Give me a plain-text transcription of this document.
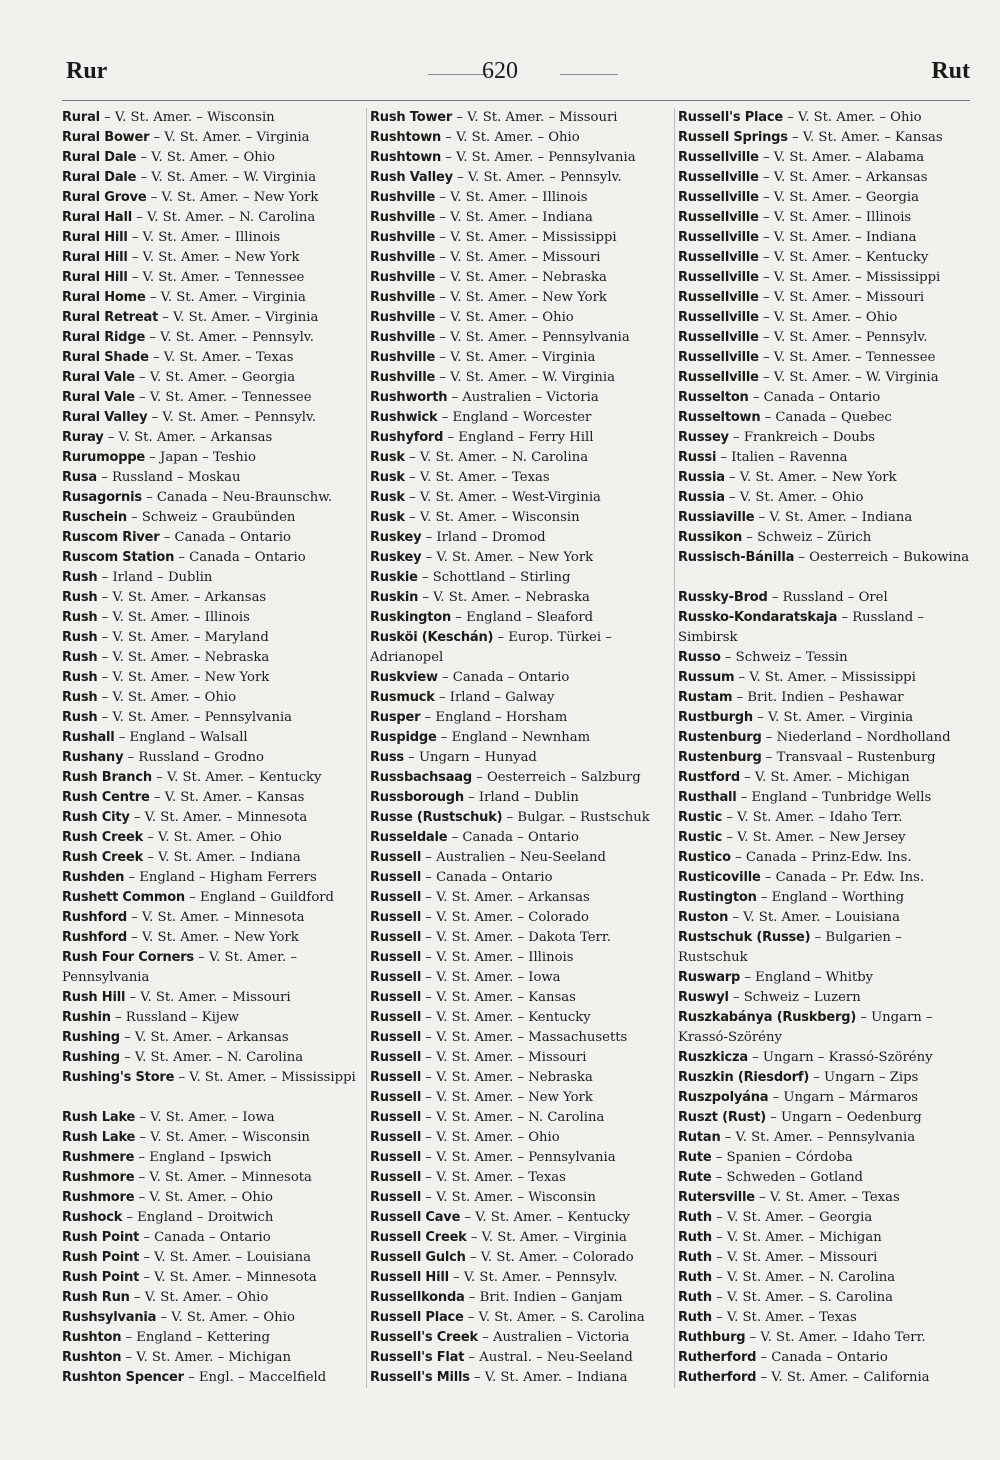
Rur	620	Rut
Rural – V. St. Amer. – Wisconsin
Rural Bower – V. St. Amer. – Virginia
Rural Dale – V. St. Amer. – Ohio
Rural Dale – V. St. Amer. – W. Virginia
Rural Grove – V. St. Amer. – New York
Rural Hall – V. St. Amer. – N. Carolina
Rural Hill – V. St. Amer. – Illinois
Rural Hill – V. St. Amer. – New York
Rural Hill – V. St. Amer. – Tennessee
Rural Home – V. St. Amer. – Virginia
Rural Retreat – V. St. Amer. – Virginia
Rural Ridge – V. St. Amer. – Pennsylv.
Rural Shade – V. St. Amer. – Texas
Rural Vale – V. St. Amer. – Georgia
Rural Vale – V. St. Amer. – Tennessee
Rural Valley – V. St. Amer. – Pennsylv.
Ruray – V. St. Amer. – Arkansas
Rurumoppe – Japan – Teshio
Rusa – Russland – Moskau
Rusagornis – Canada – Neu-Braunschw.
Ruschein – Schweiz – Graubünden
Ruscom River – Canada – Ontario
Ruscom Station – Canada – Ontario
Rush – Irland – Dublin
Rush – V. St. Amer. – Arkansas
Rush – V. St. Amer. – Illinois
Rush – V. St. Amer. – Maryland
Rush – V. St. Amer. – Nebraska
Rush – V. St. Amer. – New York
Rush – V. St. Amer. – Ohio
Rush – V. St. Amer. – Pennsylvania
Rushall – England – Walsall
Rushany – Russland – Grodno
Rush Branch – V. St. Amer. – Kentucky
Rush Centre – V. St. Amer. – Kansas
Rush City – V. St. Amer. – Minnesota
Rush Creek – V. St. Amer. – Ohio
Rush Creek – V. St. Amer. – Indiana
Rushden – England – Higham Ferrers
Rushett Common – England – Guildford
Rushford – V. St. Amer. – Minnesota
Rushford – V. St. Amer. – New York
Rush Four Corners – V. St. Amer. – Pennsylvania
Rush Hill – V. St. Amer. – Missouri
Rushin – Russland – Kijew
Rushing – V. St. Amer. – Arkansas
Rushing – V. St. Amer. – N. Carolina
Rushing's Store – V. St. Amer. – Mississippi
Rush Lake – V. St. Amer. – Iowa
Rush Lake – V. St. Amer. – Wisconsin
Rushmere – England – Ipswich
Rushmore – V. St. Amer. – Minnesota
Rushmore – V. St. Amer. – Ohio
Rushock – England – Droitwich
Rush Point – Canada – Ontario
Rush Point – V. St. Amer. – Louisiana
Rush Point – V. St. Amer. – Minnesota
Rush Run – V. St. Amer. – Ohio
Rushsylvania – V. St. Amer. – Ohio
Rushton – England – Kettering
Rushton – V. St. Amer. – Michigan
Rushton Spencer – Engl. – Maccelfield
Rush Tower – V. St. Amer. – Missouri
Rushtown – V. St. Amer. – Ohio
Rushtown – V. St. Amer. – Pennsylvania
Rush Valley – V. St. Amer. – Pennsylv.
Rushville – V. St. Amer. – Illinois
Rushville – V. St. Amer. – Indiana
Rushville – V. St. Amer. – Mississippi
Rushville – V. St. Amer. – Missouri
Rushville – V. St. Amer. – Nebraska
Rushville – V. St. Amer. – New York
Rushville – V. St. Amer. – Ohio
Rushville – V. St. Amer. – Pennsylvania
Rushville – V. St. Amer. – Virginia
Rushville – V. St. Amer. – W. Virginia
Rushworth – Australien – Victoria
Rushwick – England – Worcester
Rushyford – England – Ferry Hill
Rusk – V. St. Amer. – N. Carolina
Rusk – V. St. Amer. – Texas
Rusk – V. St. Amer. – West-Virginia
Rusk – V. St. Amer. – Wisconsin
Ruskey – Irland – Dromod
Ruskey – V. St. Amer. – New York
Ruskie – Schottland – Stirling
Ruskin – V. St. Amer. – Nebraska
Ruskington – England – Sleaford
Rusköi (Keschán) – Europ. Türkei – Adrianopel
Ruskview – Canada – Ontario
Rusmuck – Irland – Galway
Rusper – England – Horsham
Ruspidge – England – Newnham
Russ – Ungarn – Hunyad
Russbachsaag – Oesterreich – Salzburg
Russborough – Irland – Dublin
Russe (Rustschuk) – Bulgar. – Rustschuk
Russeldale – Canada – Ontario
Russell – Australien – Neu-Seeland
Russell – Canada – Ontario
Russell – V. St. Amer. – Arkansas
Russell – V. St. Amer. – Colorado
Russell – V. St. Amer. – Dakota Terr.
Russell – V. St. Amer. – Illinois
Russell – V. St. Amer. – Iowa
Russell – V. St. Amer. – Kansas
Russell – V. St. Amer. – Kentucky
Russell – V. St. Amer. – Massachusetts
Russell – V. St. Amer. – Missouri
Russell – V. St. Amer. – Nebraska
Russell – V. St. Amer. – New York
Russell – V. St. Amer. – N. Carolina
Russell – V. St. Amer. – Ohio
Russell – V. St. Amer. – Pennsylvania
Russell – V. St. Amer. – Texas
Russell – V. St. Amer. – Wisconsin
Russell Cave – V. St. Amer. – Kentucky
Russell Creek – V. St. Amer. – Virginia
Russell Gulch – V. St. Amer. – Colorado
Russell Hill – V. St. Amer. – Pennsylv.
Russellkonda – Brit. Indien – Ganjam
Russell Place – V. St. Amer. – S. Carolina
Russell's Creek – Australien – Victoria
Russell's Flat – Austral. – Neu-Seeland
Russell's Mills – V. St. Amer. – Indiana
Russell's Place – V. St. Amer. – Ohio
Russell Springs – V. St. Amer. – Kansas
Russellville – V. St. Amer. – Alabama
Russellville – V. St. Amer. – Arkansas
Russellville – V. St. Amer. – Georgia
Russellville – V. St. Amer. – Illinois
Russellville – V. St. Amer. – Indiana
Russellville – V. St. Amer. – Kentucky
Russellville – V. St. Amer. – Mississippi
Russellville – V. St. Amer. – Missouri
Russellville – V. St. Amer. – Ohio
Russellville – V. St. Amer. – Pennsylv.
Russellville – V. St. Amer. – Tennessee
Russellville – V. St. Amer. – W. Virginia
Russelton – Canada – Ontario
Russeltown – Canada – Quebec
Russey – Frankreich – Doubs
Russi – Italien – Ravenna
Russia – V. St. Amer. – New York
Russia – V. St. Amer. – Ohio
Russiaville – V. St. Amer. – Indiana
Russikon – Schweiz – Zürich
Russisch-Bánilla – Oesterreich – Bukowina
Russky-Brod – Russland – Orel
Russko-Kondaratskaja – Russland – Simbirsk
Russo – Schweiz – Tessin
Russum – V. St. Amer. – Mississippi
Rustam – Brit. Indien – Peshawar
Rustburgh – V. St. Amer. – Virginia
Rustenburg – Niederland – Nordholland
Rustenburg – Transvaal – Rustenburg
Rustford – V. St. Amer. – Michigan
Rusthall – England – Tunbridge Wells
Rustic – V. St. Amer. – Idaho Terr.
Rustic – V. St. Amer. – New Jersey
Rustico – Canada – Prinz-Edw. Ins.
Rusticoville – Canada – Pr. Edw. Ins.
Rustington – England – Worthing
Ruston – V. St. Amer. – Louisiana
Rustschuk (Russe) – Bulgarien – Rustschuk
Ruswarp – England – Whitby
Ruswyl – Schweiz – Luzern
Ruszkabánya (Ruskberg) – Ungarn – Krassó-Szörény
Ruszkicza – Ungarn – Krassó-Szörény
Ruszkin (Riesdorf) – Ungarn – Zips
Ruszpolyána – Ungarn – Mármaros
Ruszt (Rust) – Ungarn – Oedenburg
Rutan – V. St. Amer. – Pennsylvania
Rute – Spanien – Córdoba
Rute – Schweden – Gotland
Rutersville – V. St. Amer. – Texas
Ruth – V. St. Amer. – Georgia
Ruth – V. St. Amer. – Michigan
Ruth – V. St. Amer. – Missouri
Ruth – V. St. Amer. – N. Carolina
Ruth – V. St. Amer. – S. Carolina
Ruth – V. St. Amer. – Texas
Ruthburg – V. St. Amer. – Idaho Terr.
Rutherford – Canada – Ontario
Rutherford – V. St. Amer. – California
